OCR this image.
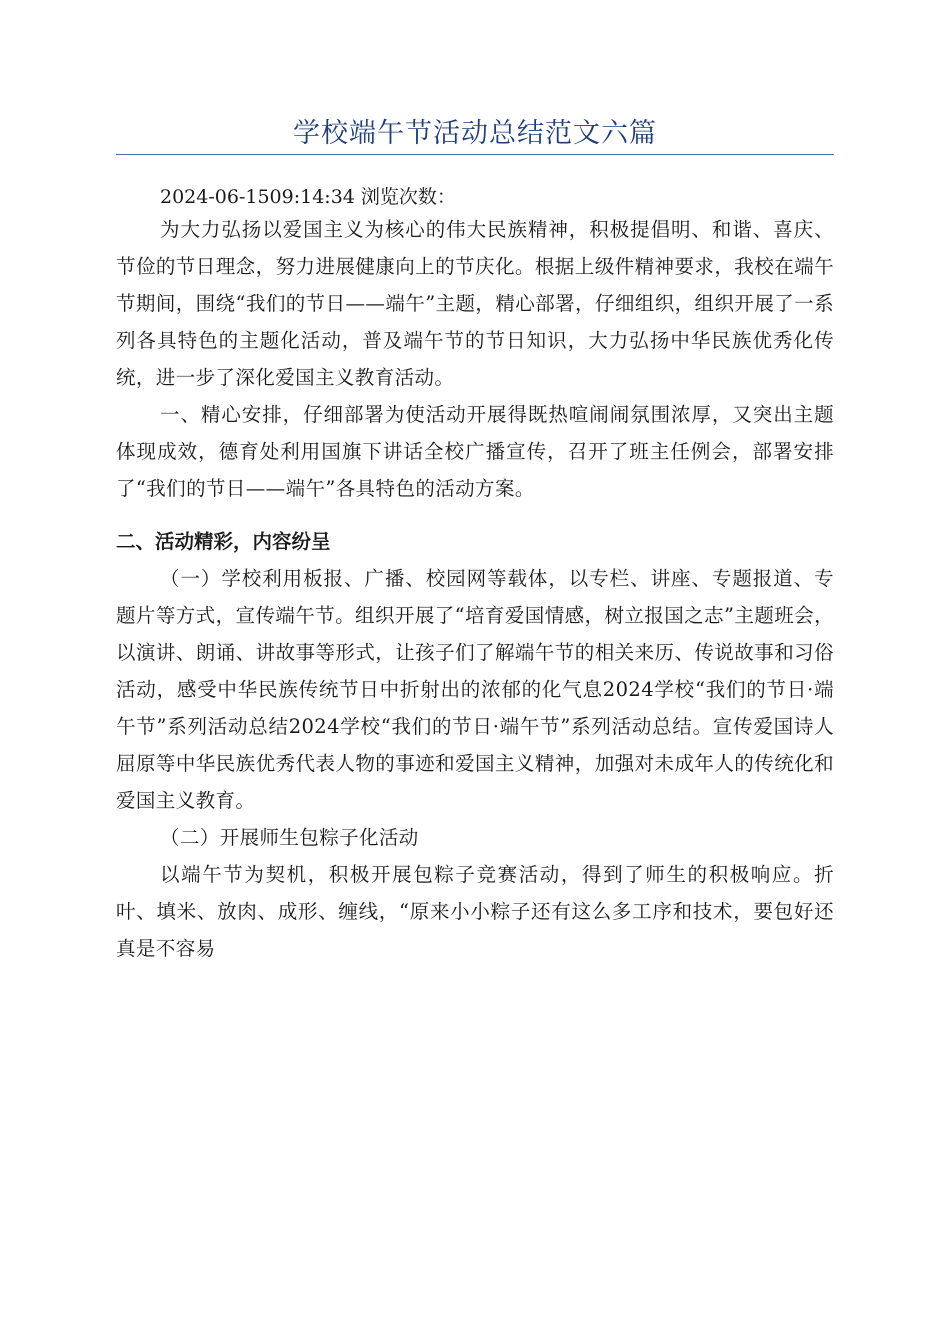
学校端午节活动总结范文六篇
2024-06-1509:14:34 浏览次数：

为大力弘扬以爱国主义为核心的伟大民族精神，积极提倡明、和谐、喜庆、节俭的节日理念，努力进展健康向上的节庆化。根据上级件精神要求，我校在端午节期间，围绕“我们的节日——端午”主题，精心部署，仔细组织，组织开展了一系列各具特色的主题化活动，普及端午节的节日知识，大力弘扬中华民族优秀化传统，进一步了深化爱国主义教育活动。

一、精心安排，仔细部署为使活动开展得既热喧闹闹氛围浓厚，又突出主题体现成效，德育处利用国旗下讲话全校广播宣传，召开了班主任例会，部署安排了“我们的节日——端午”各具特色的活动方案。

二、活动精彩，内容纷呈

（一）学校利用板报、广播、校园网等载体，以专栏、讲座、专题报道、专题片等方式，宣传端午节。组织开展了“培育爱国情感，树立报国之志”主题班会，以演讲、朗诵、讲故事等形式，让孩子们了解端午节的相关来历、传说故事和习俗活动，感受中华民族传统节日中折射出的浓郁的化气息2024学校“我们的节日·端午节”系列活动总结2024学校“我们的节日·端午节”系列活动总结。宣传爱国诗人屈原等中华民族优秀代表人物的事迹和爱国主义精神，加强对未成年人的传统化和爱国主义教育。

（二）开展师生包粽子化活动

以端午节为契机，积极开展包粽子竞赛活动，得到了师生的积极响应。折叶、填米、放肉、成形、缠线，“原来小小粽子还有这么多工序和技术，要包好还真是不容易
